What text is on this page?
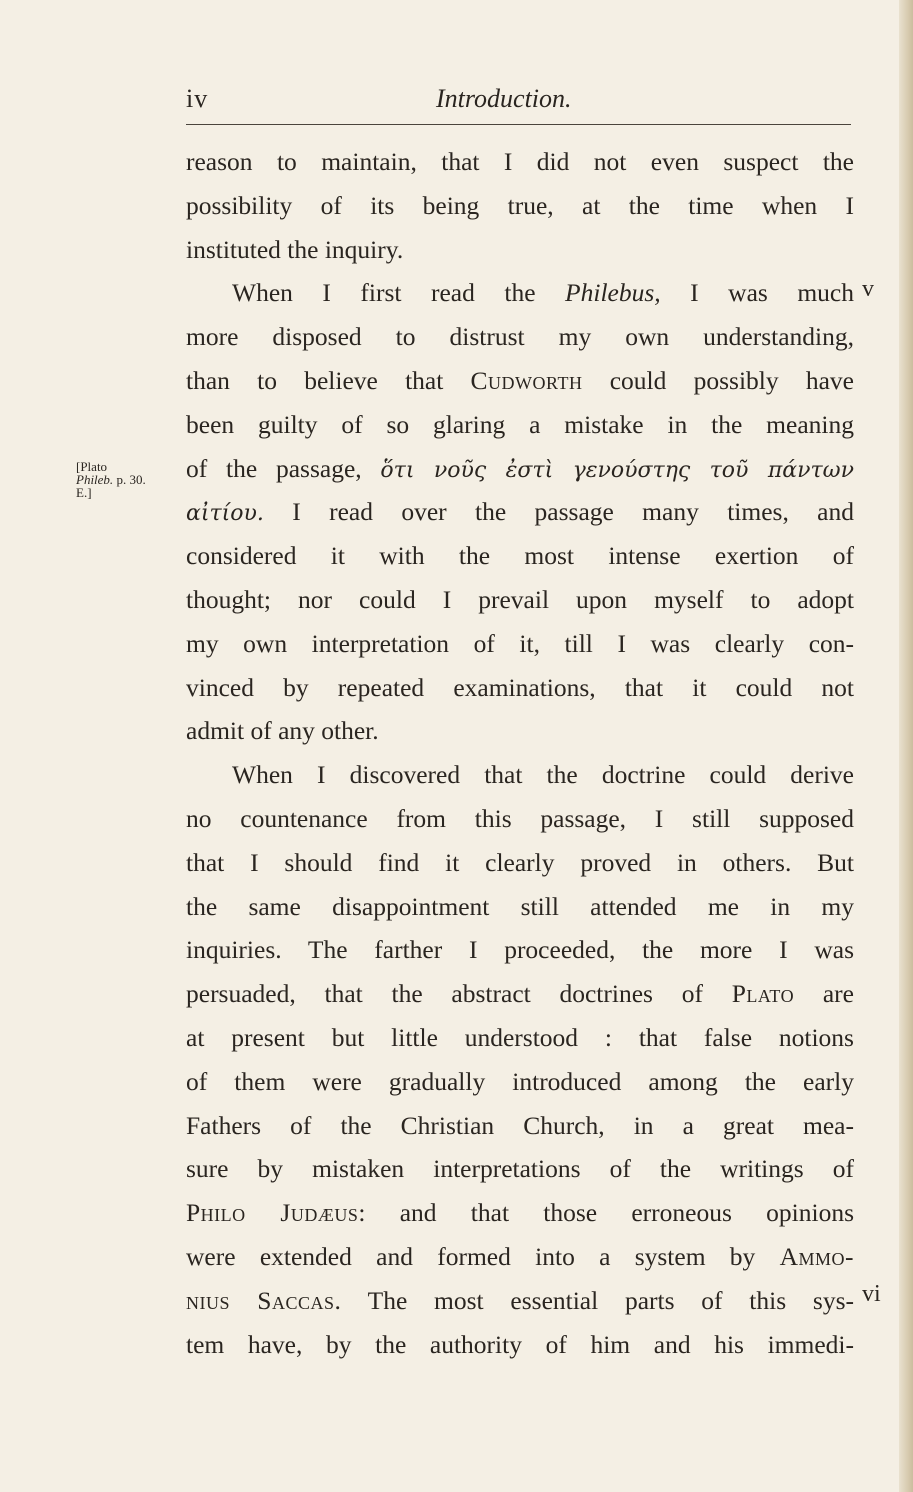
iv	Introduction.
[Plato
Phileb. p. 30.
E.]
v
vi
reason to maintain, that I did not even suspect the
possibility of its being true, at the time when I
instituted the inquiry.
When I first read the Philebus, I was much
more disposed to distrust my own understanding,
than to believe that Cudworth could possibly have
been guilty of so glaring a mistake in the meaning
of the passage, ὅτι νοῦς ἐστὶ γενούστης τοῦ πάντων
αἰτίου. I read over the passage many times, and
considered it with the most intense exertion of
thought; nor could I prevail upon myself to adopt
my own interpretation of it, till I was clearly con-
vinced by repeated examinations, that it could not
admit of any other.
When I discovered that the doctrine could derive
no countenance from this passage, I still supposed
that I should find it clearly proved in others. But
the same disappointment still attended me in my
inquiries. The farther I proceeded, the more I was
persuaded, that the abstract doctrines of Plato are
at present but little understood : that false notions
of them were gradually introduced among the early
Fathers of the Christian Church, in a great mea-
sure by mistaken interpretations of the writings of
Philo Judæus: and that those erroneous opinions
were extended and formed into a system by Ammo-
nius Saccas. The most essential parts of this sys-
tem have, by the authority of him and his immedi-
